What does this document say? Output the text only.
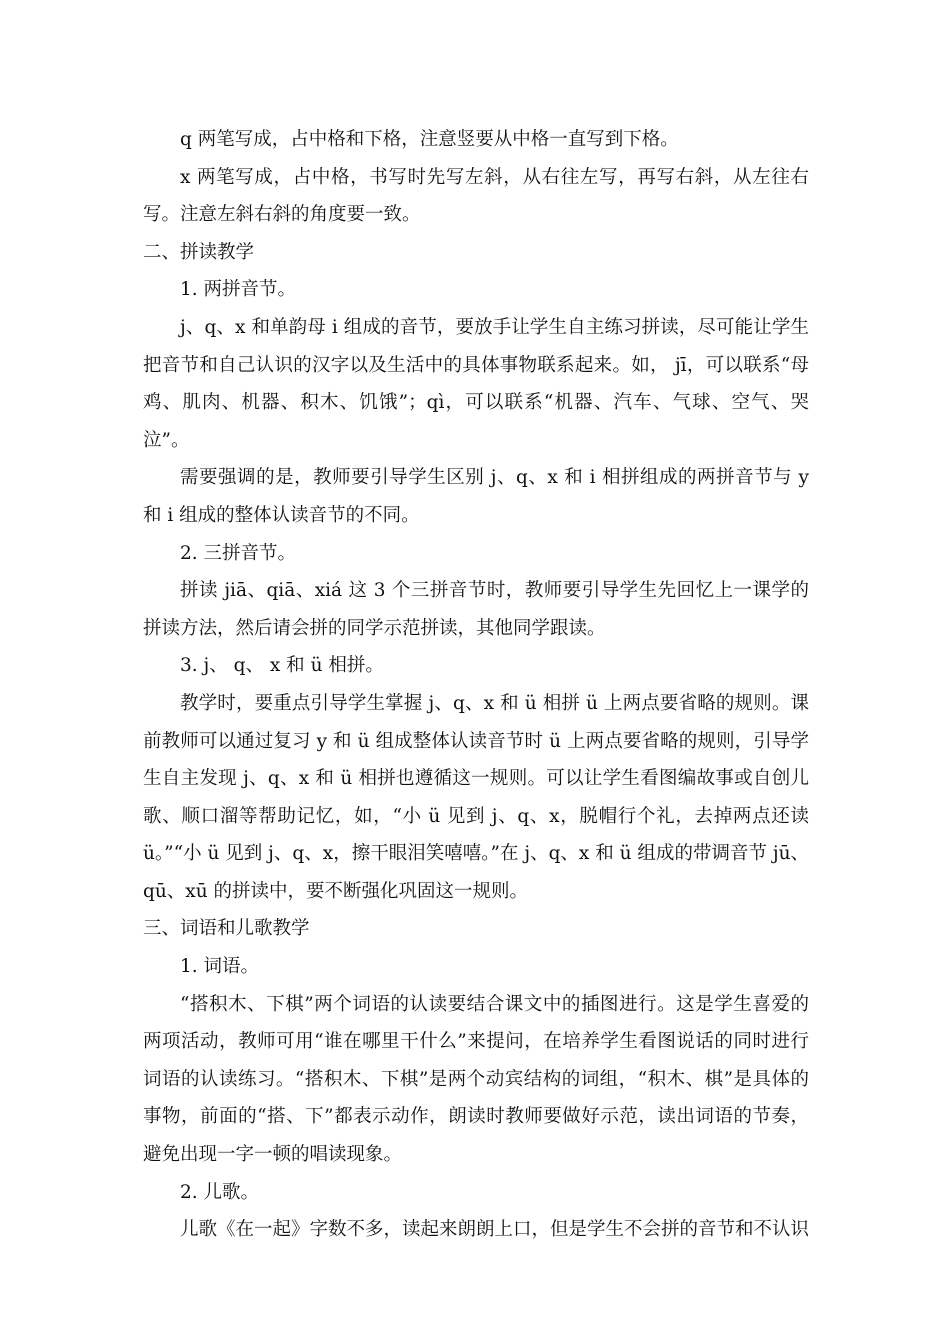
q 两笔写成，占中格和下格，注意竖要从中格一直写到下格。

x 两笔写成，占中格，书写时先写左斜，从右往左写，再写右斜，从左往右写。注意左斜右斜的角度要一致。

二、拼读教学

1. 两拼音节。

j、q、x 和单韵母 i 组成的音节，要放手让学生自主练习拼读，尽可能让学生把音节和自己认识的汉字以及生活中的具体事物联系起来。如， jī，可以联系“母鸡、肌肉、机器、积木、饥饿”；qì，可以联系“机器、汽车、气球、空气、哭泣”。

需要强调的是，教师要引导学生区别 j、q、x 和 i 相拼组成的两拼音节与 y 和 i 组成的整体认读音节的不同。

2. 三拼音节。

拼读 jiā、qiā、xiá 这 3 个三拼音节时，教师要引导学生先回忆上一课学的拼读方法，然后请会拼的同学示范拼读，其他同学跟读。

3. j、 q、 x 和 ü 相拼。

教学时，要重点引导学生掌握 j、q、x 和 ü 相拼 ü 上两点要省略的规则。课前教师可以通过复习 y 和 ü 组成整体认读音节时 ü 上两点要省略的规则，引导学生自主发现 j、q、x 和 ü 相拼也遵循这一规则。可以让学生看图编故事或自创儿歌、顺口溜等帮助记忆，如，“小 ü 见到 j、q、x，脱帽行个礼，去掉两点还读 ü。”“小 ü 见到 j、q、x，擦干眼泪笑嘻嘻。”在 j、q、x 和 ü 组成的带调音节 jū、qū、xū 的拼读中，要不断强化巩固这一规则。

三、词语和儿歌教学

1. 词语。

“搭积木、下棋”两个词语的认读要结合课文中的插图进行。这是学生喜爱的两项活动，教师可用“谁在哪里干什么”来提问，在培养学生看图说话的同时进行词语的认读练习。“搭积木、下棋”是两个动宾结构的词组，“积木、棋”是具体的事物，前面的“搭、下”都表示动作，朗读时教师要做好示范，读出词语的节奏，避免出现一字一顿的唱读现象。

2. 儿歌。

儿歌《在一起》字数不多，读起来朗朗上口，但是学生不会拼的音节和不认识
